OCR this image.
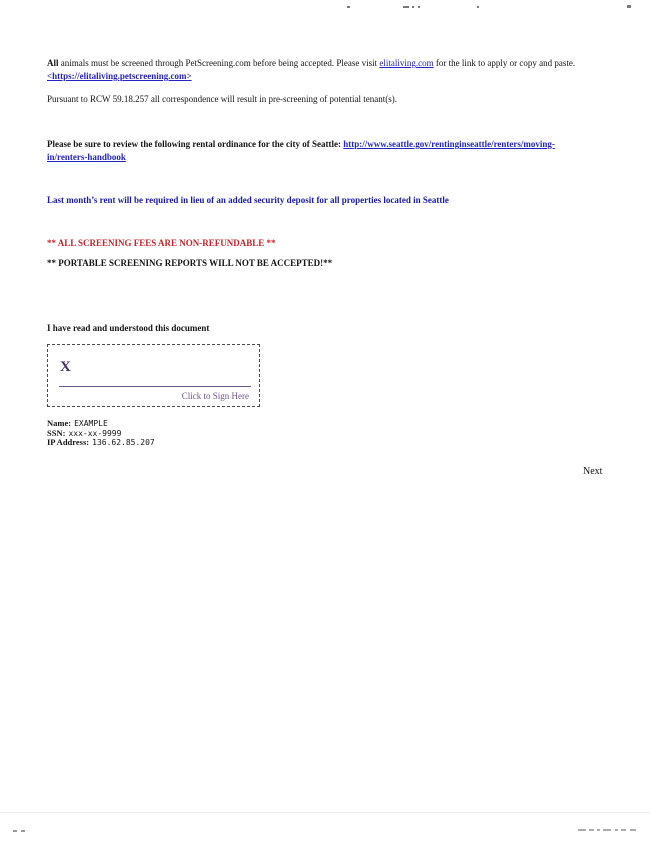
All animals must be screened through PetScreening.com before being accepted. Please visit elitaliving.com for the link to apply or copy and paste. <https://elitaliving.petscreening.com>

Pursuant to RCW 59.18.257 all correspondence will result in pre-screening of potential tenant(s).

Please be sure to review the following rental ordinance for the city of Seattle: http://www.seattle.gov/rentinginseattle/renters/moving-in/renters-handbook

Last month’s rent will be required in lieu of an added security deposit for all properties located in Seattle

** ALL SCREENING FEES ARE NON-REFUNDABLE **

** PORTABLE SCREENING REPORTS WILL NOT BE ACCEPTED!**

I have read and understood this document

X
Click to Sign Here
Name: EXAMPLE
SSN: xxx-xx-9999
IP Address: 136.62.85.207
Next
